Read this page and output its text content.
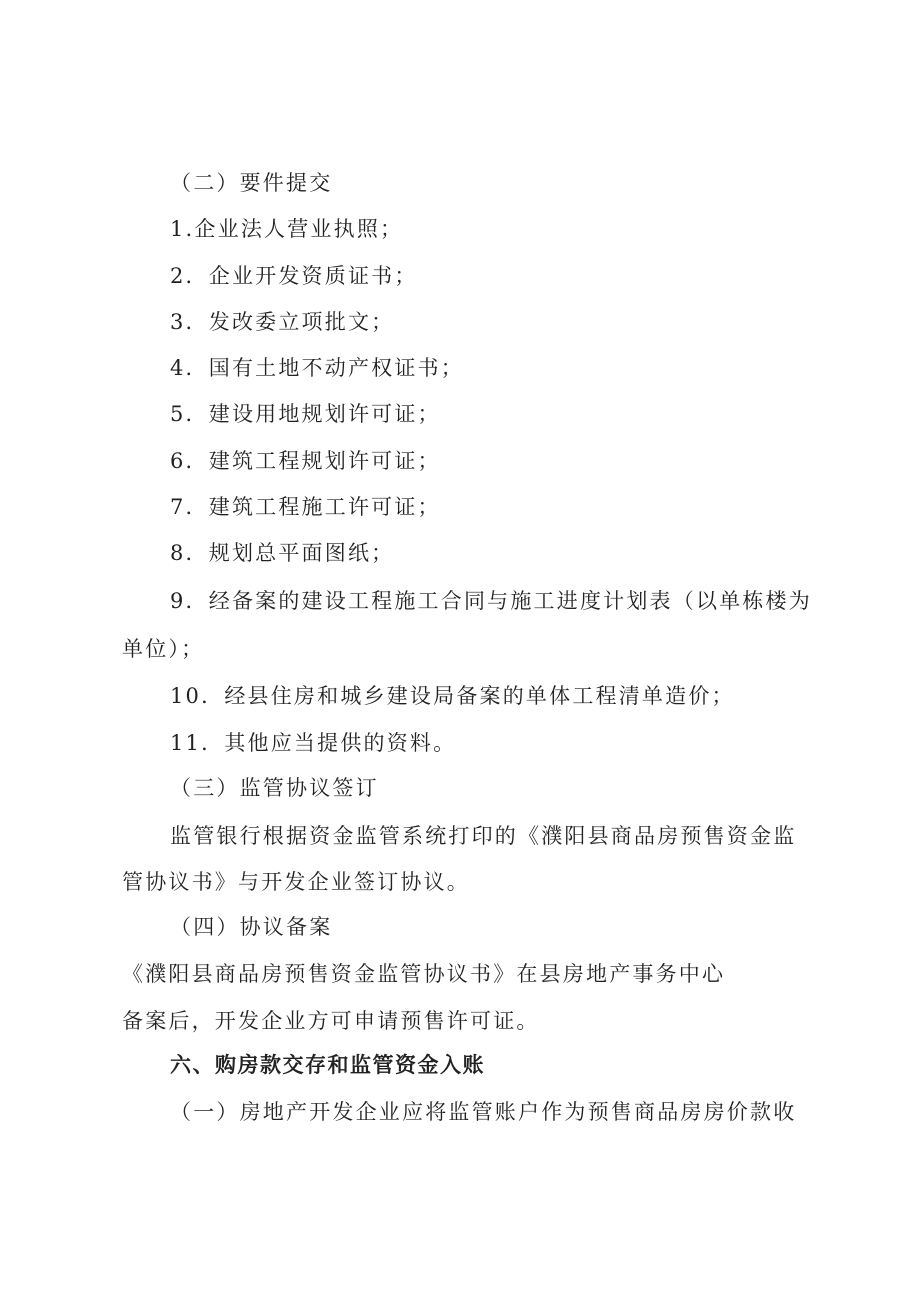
（二）要件提交
1.企业法人营业执照；
2．企业开发资质证书；
3．发改委立项批文；
4．国有土地不动产权证书；
5．建设用地规划许可证；
6．建筑工程规划许可证；
7．建筑工程施工许可证；
8．规划总平面图纸；
9．经备案的建设工程施工合同与施工进度计划表（以单栋楼为
单位）；
10．经县住房和城乡建设局备案的单体工程清单造价；
11．其他应当提供的资料。
（三）监管协议签订
监管银行根据资金监管系统打印的《濮阳县商品房预售资金监
管协议书》与开发企业签订协议。
（四）协议备案
《濮阳县商品房预售资金监管协议书》在县房地产事务中心
备案后，开发企业方可申请预售许可证。
六、购房款交存和监管资金入账
（一）房地产开发企业应将监管账户作为预售商品房房价款收
